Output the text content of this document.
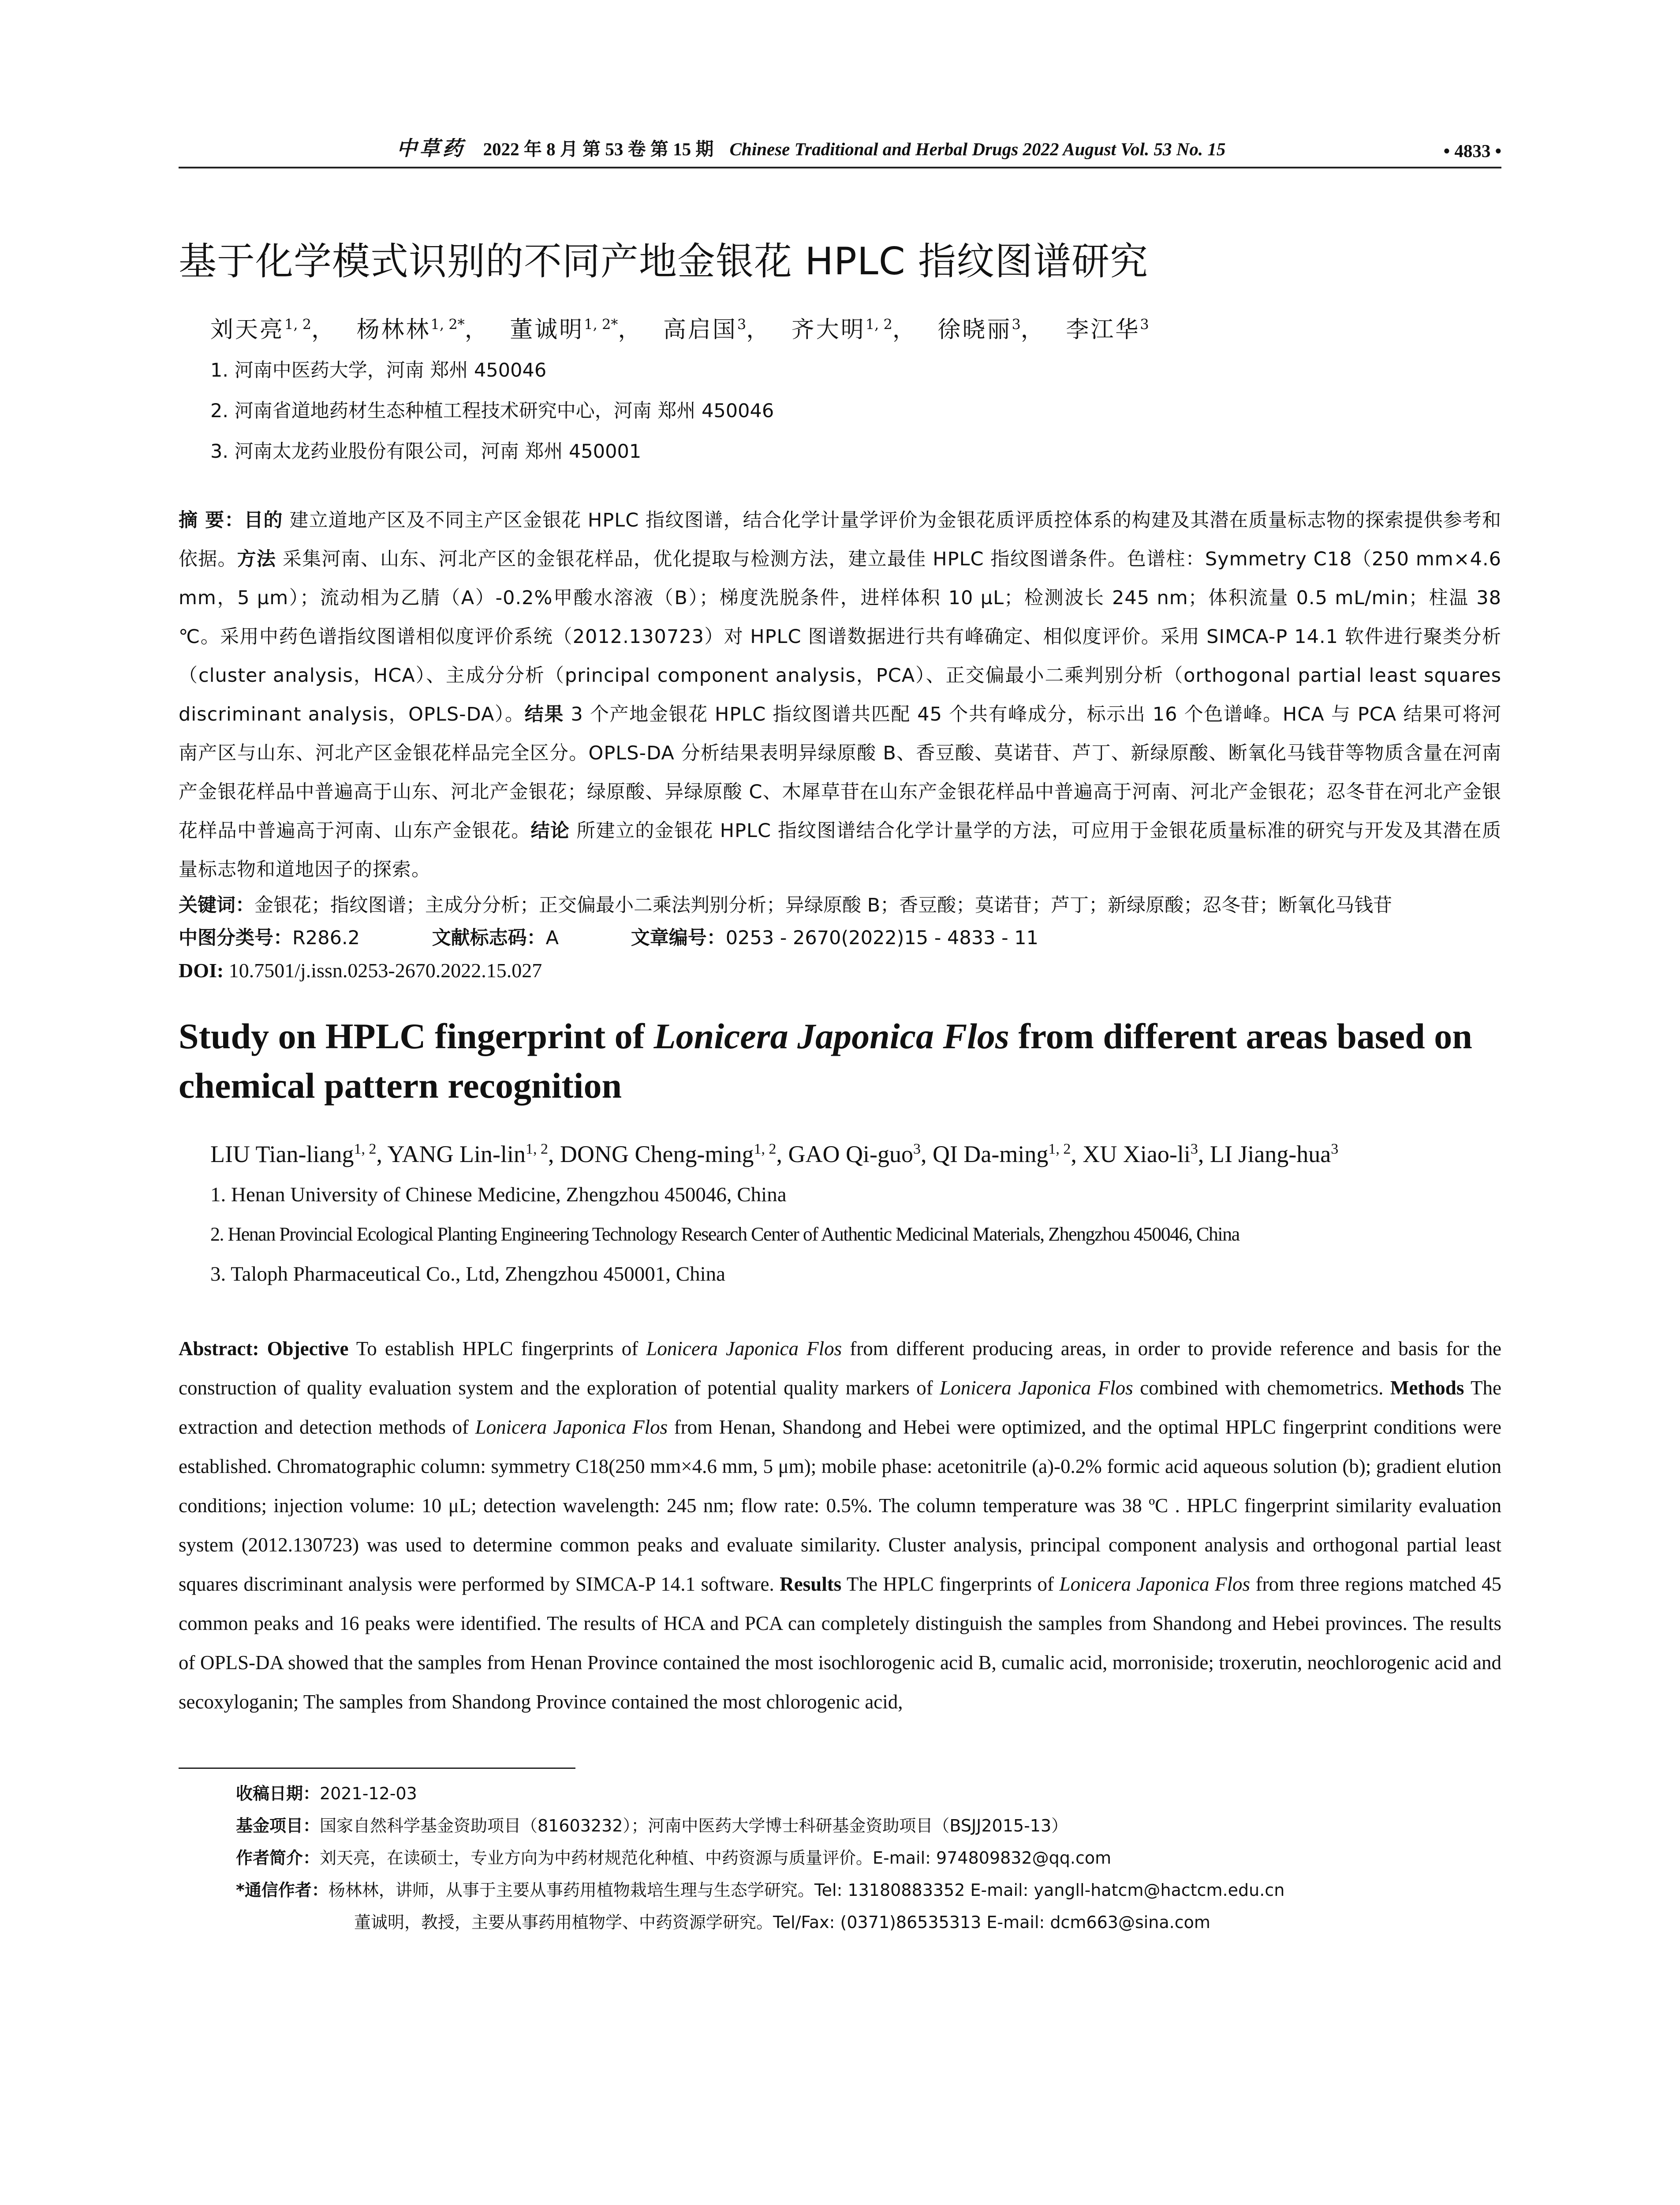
中草药 2022 年 8 月 第 53 卷 第 15 期 Chinese Traditional and Herbal Drugs 2022 August Vol. 53 No. 15	• 4833 •
基于化学模式识别的不同产地金银花 HPLC 指纹图谱研究
刘天亮$^{1, 2}$， 杨林林$^{1, 2*}$， 董诚明$^{1, 2*}$， 高启国$^3$， 齐大明$^{1, 2}$， 徐晓丽$^3$， 李江华$^3$
1. 河南中医药大学，河南 郑州 450046
2. 河南省道地药材生态种植工程技术研究中心，河南 郑州 450046
3. 河南太龙药业股份有限公司，河南 郑州 450001
摘 要：目的 建立道地产区及不同主产区金银花 HPLC 指纹图谱，结合化学计量学评价为金银花质评质控体系的构建及其潜在质量标志物的探索提供参考和依据。方法 采集河南、山东、河北产区的金银花样品，优化提取与检测方法，建立最佳 HPLC 指纹图谱条件。色谱柱：Symmetry C18（250 mm×4.6 mm，5 μm）；流动相为乙腈（A）-0.2%甲酸水溶液（B）；梯度洗脱条件，进样体积 10 μL；检测波长 245 nm；体积流量 0.5 mL/min；柱温 38 ℃。采用中药色谱指纹图谱相似度评价系统（2012.130723）对 HPLC 图谱数据进行共有峰确定、相似度评价。采用 SIMCA-P 14.1 软件进行聚类分析（cluster analysis，HCA）、主成分分析（principal component analysis，PCA）、正交偏最小二乘判别分析（orthogonal partial least squares discriminant analysis，OPLS-DA）。结果 3 个产地金银花 HPLC 指纹图谱共匹配 45 个共有峰成分，标示出 16 个色谱峰。HCA 与 PCA 结果可将河南产区与山东、河北产区金银花样品完全区分。OPLS-DA 分析结果表明异绿原酸 B、香豆酸、莫诺苷、芦丁、新绿原酸、断氧化马钱苷等物质含量在河南产金银花样品中普遍高于山东、河北产金银花；绿原酸、异绿原酸 C、木犀草苷在山东产金银花样品中普遍高于河南、河北产金银花；忍冬苷在河北产金银花样品中普遍高于河南、山东产金银花。结论 所建立的金银花 HPLC 指纹图谱结合化学计量学的方法，可应用于金银花质量标准的研究与开发及其潜在质量标志物和道地因子的探索。
关键词：金银花；指纹图谱；主成分分析；正交偏最小二乘法判别分析；异绿原酸 B；香豆酸；莫诺苷；芦丁；新绿原酸；忍冬苷；断氧化马钱苷
中图分类号：R286.2	文献标志码：A	文章编号：0253 - 2670(2022)15 - 4833 - 11
DOI: 10.7501/j.issn.0253-2670.2022.15.027
Study on HPLC fingerprint of Lonicera Japonica Flos from different areas based on chemical pattern recognition
LIU Tian-liang$^{1, 2}$, YANG Lin-lin$^{1, 2}$, DONG Cheng-ming$^{1, 2}$, GAO Qi-guo$^3$, QI Da-ming$^{1, 2}$, XU Xiao-$li^3$, LI Jiang-hua$^3$
1. Henan University of Chinese Medicine, Zhengzhou 450046, China
2. Henan Provincial Ecological Planting Engineering Technology Research Center of Authentic Medicinal Materials, Zhengzhou 450046, China
3. Taloph Pharmaceutical Co., Ltd, Zhengzhou 450001, China
Abstract: Objective To establish HPLC fingerprints of Lonicera Japonica Flos from different producing areas, in order to provide reference and basis for the construction of quality evaluation system and the exploration of potential quality markers of Lonicera Japonica Flos combined with chemometrics. Methods The extraction and detection methods of Lonicera Japonica Flos from Henan, Shandong and Hebei were optimized, and the optimal HPLC fingerprint conditions were established. Chromatographic column: symmetry C18(250 mm×4.6 mm, 5 μm); mobile phase: acetonitrile (a)-0.2% formic acid aqueous solution (b); gradient elution conditions; injection volume: 10 μL; detection wavelength: 245 nm; flow rate: 0.5%. The column temperature was 38 ºC . HPLC fingerprint similarity evaluation system (2012.130723) was used to determine common peaks and evaluate similarity. Cluster analysis, principal component analysis and orthogonal partial least squares discriminant analysis were performed by SIMCA-P 14.1 software. Results The HPLC fingerprints of Lonicera Japonica Flos from three regions matched 45 common peaks and 16 peaks were identified. The results of HCA and PCA can completely distinguish the samples from Shandong and Hebei provinces. The results of OPLS-DA showed that the samples from Henan Province contained the most isochlorogenic acid B, cumalic acid, morroniside; troxerutin, neochlorogenic acid and secoxyloganin; The samples from Shandong Province contained the most chlorogenic acid,
收稿日期：2021-12-03
基金项目：国家自然科学基金资助项目（81603232）；河南中医药大学博士科研基金资助项目（BSJJ2015-13）
作者简介：刘天亮，在读硕士，专业方向为中药材规范化种植、中药资源与质量评价。E-mail: 974809832@qq.com
*通信作者：杨林林，讲师，从事于主要从事药用植物栽培生理与生态学研究。Tel: 13180883352 E-mail: yangll-hatcm@hactcm.edu.cn
董诚明，教授，主要从事药用植物学、中药资源学研究。Tel/Fax: (0371)86535313 E-mail: dcm663@sina.com
